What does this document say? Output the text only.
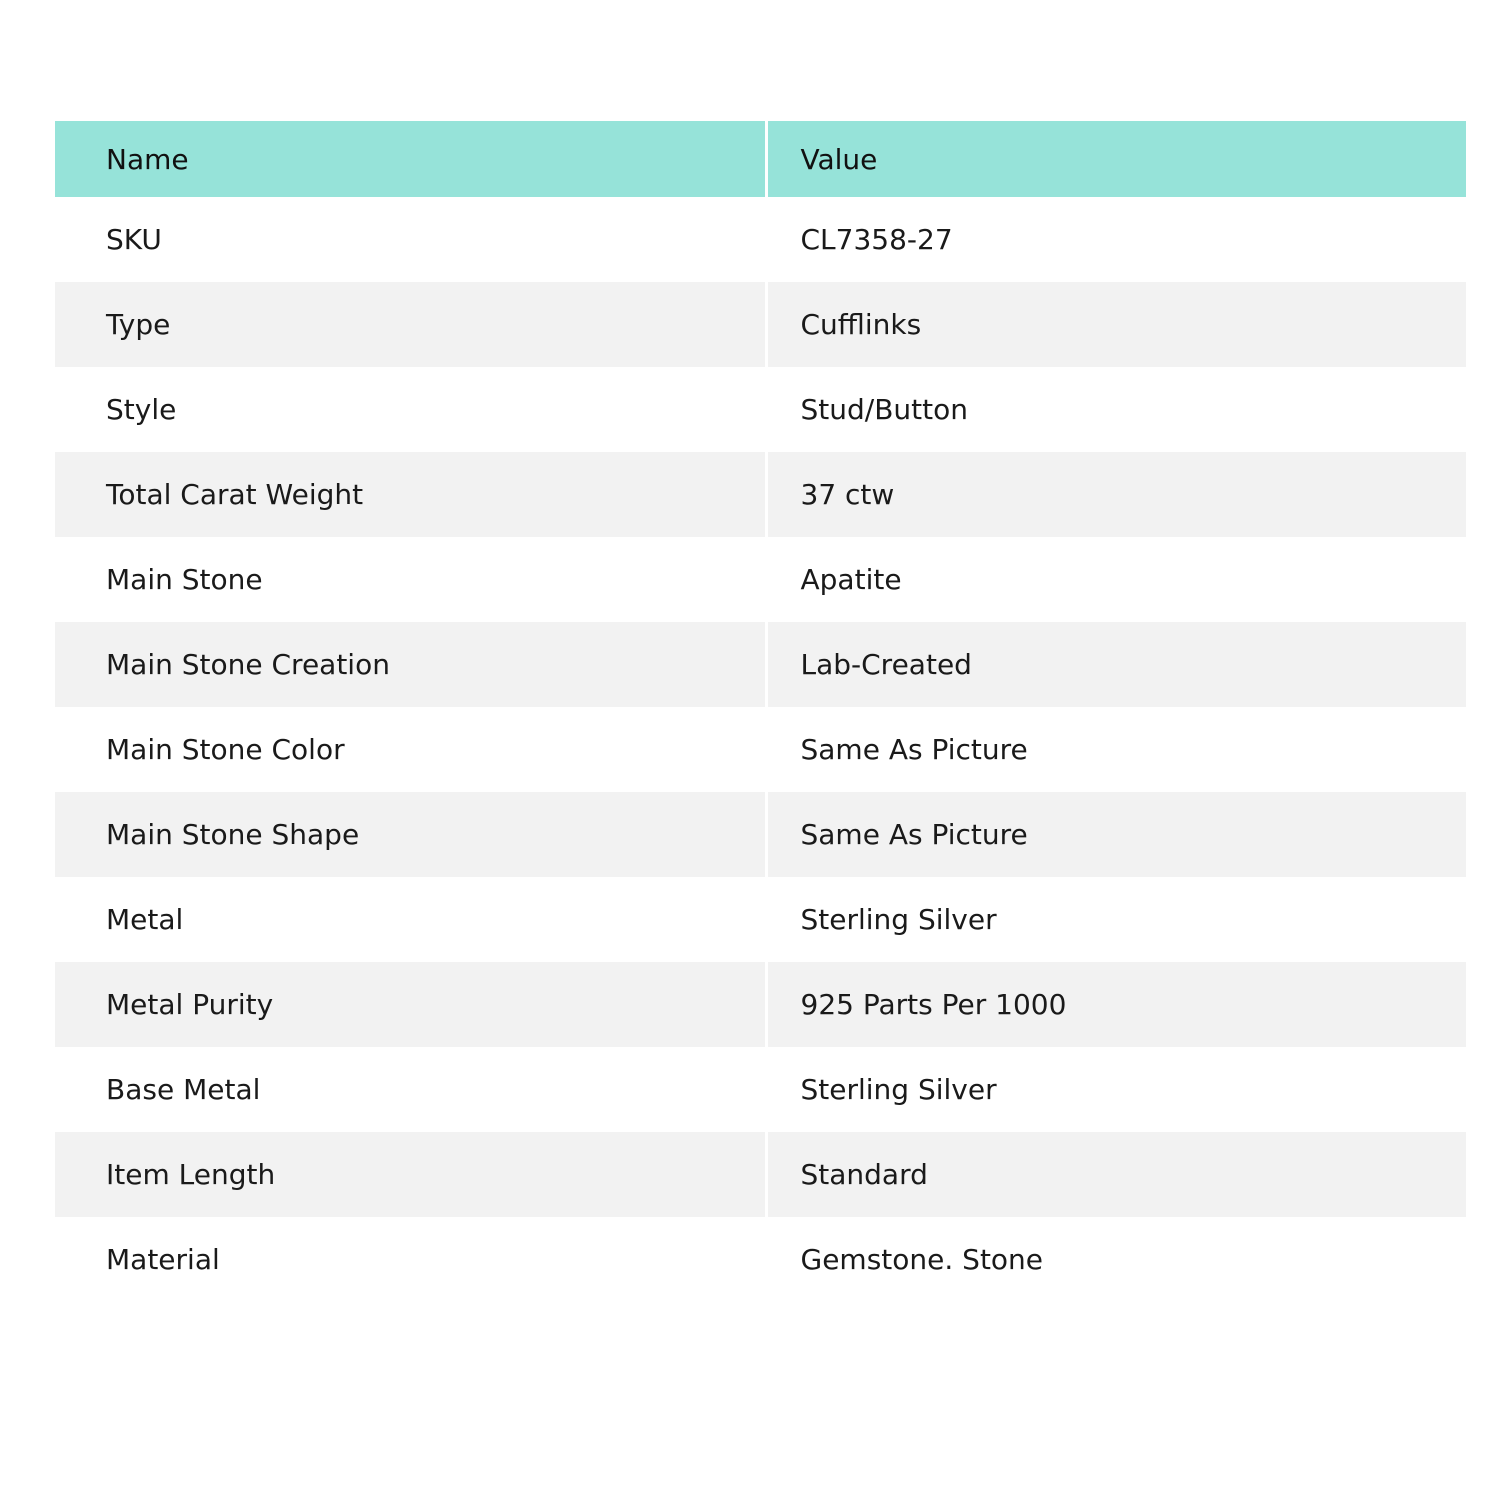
Name	Value
SKU	CL7358-27
Type	Cufflinks
Style	Stud/Button
Total Carat Weight	37 ctw
Main Stone	Apatite
Main Stone Creation	Lab-Created
Main Stone Color	Same As Picture
Main Stone Shape	Same As Picture
Metal	Sterling Silver
Metal Purity	925 Parts Per 1000
Base Metal	Sterling Silver
Item Length	Standard
Material	Gemstone. Stone
